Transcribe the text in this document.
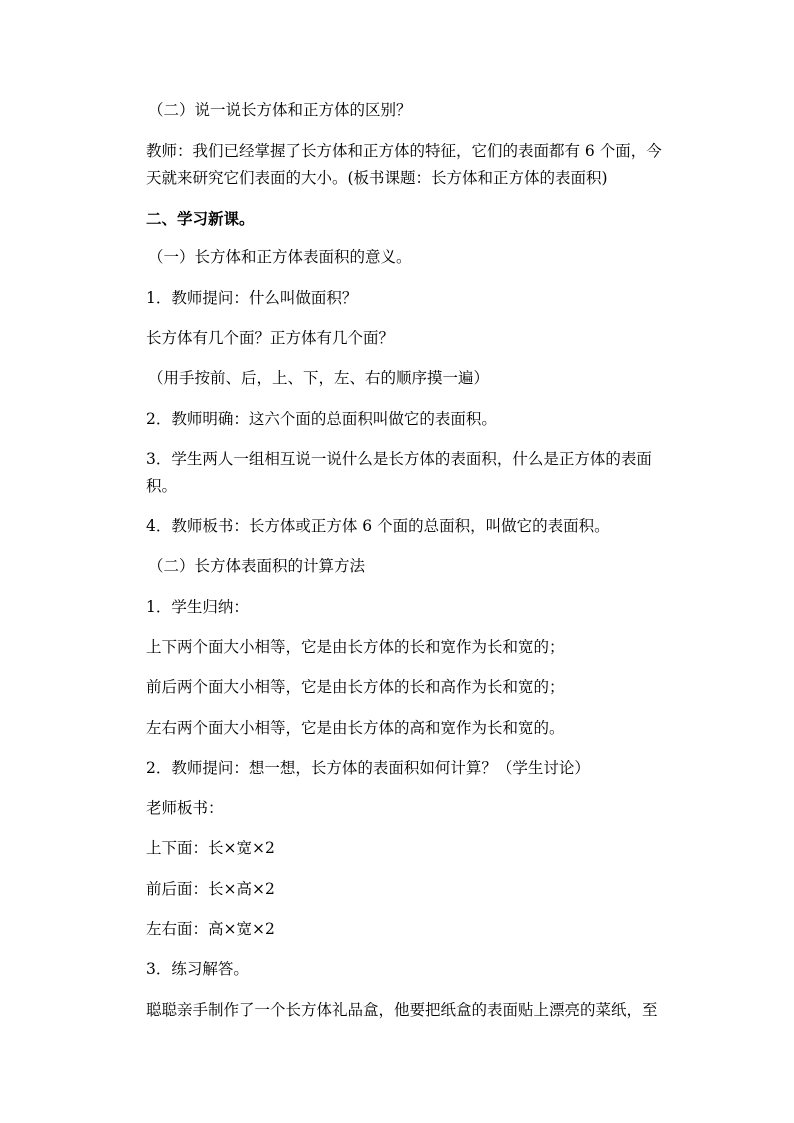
（二）说一说长方体和正方体的区别？
教师：我们已经掌握了长方体和正方体的特征，它们的表面都有 6 个面，今
天就来研究它们表面的大小。(板书课题：长方体和正方体的表面积)
二、学习新课。
（一）长方体和正方体表面积的意义。
1．教师提问：什么叫做面积？
长方体有几个面？正方体有几个面？
（用手按前、后，上、下，左、右的顺序摸一遍）
2．教师明确：这六个面的总面积叫做它的表面积。
3．学生两人一组相互说一说什么是长方体的表面积，什么是正方体的表面
积。
4．教师板书：长方体或正方体 6 个面的总面积，叫做它的表面积。
（二）长方体表面积的计算方法
1．学生归纳：
上下两个面大小相等，它是由长方体的长和宽作为长和宽的；
前后两个面大小相等，它是由长方体的长和高作为长和宽的；
左右两个面大小相等，它是由长方体的高和宽作为长和宽的。
2．教师提问：想一想，长方体的表面积如何计算？（学生讨论）
老师板书：
上下面：长×宽×2
前后面：长×高×2
左右面：高×宽×2
3．练习解答。
聪聪亲手制作了一个长方体礼品盒，他要把纸盒的表面贴上漂亮的菜纸，至
